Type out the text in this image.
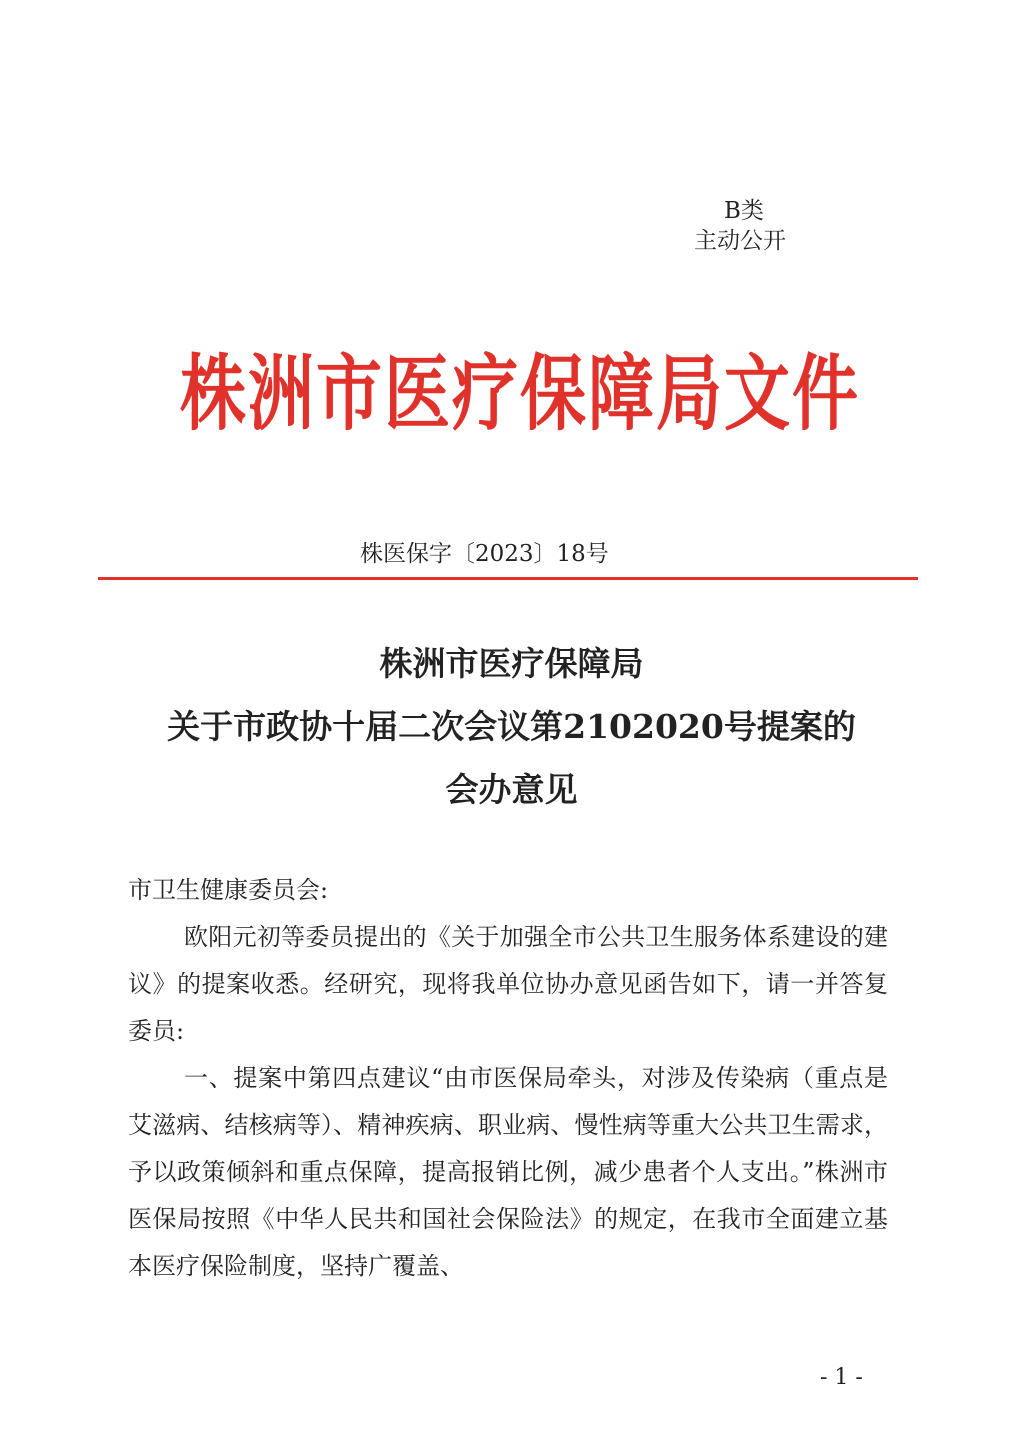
B类
主动公开
株洲市医疗保障局文件
株医保字〔2023〕18号
株洲市医疗保障局
关于市政协十届二次会议第2102020号提案的
会办意见

市卫生健康委员会:

欧阳元初等委员提出的《关于加强全市公共卫生服务体系建设的建议》的提案收悉。经研究，现将我单位协办意见函告如下，请一并答复委员:

一、提案中第四点建议“由市医保局牵头，对涉及传染病（重点是艾滋病、结核病等）、精神疾病、职业病、慢性病等重大公共卫生需求，予以政策倾斜和重点保障，提高报销比例，减少患者个人支出。”株洲市医保局按照《中华人民共和国社会保险法》的规定，在我市全面建立基本医疗保险制度，坚持广覆盖、

- 1 -
